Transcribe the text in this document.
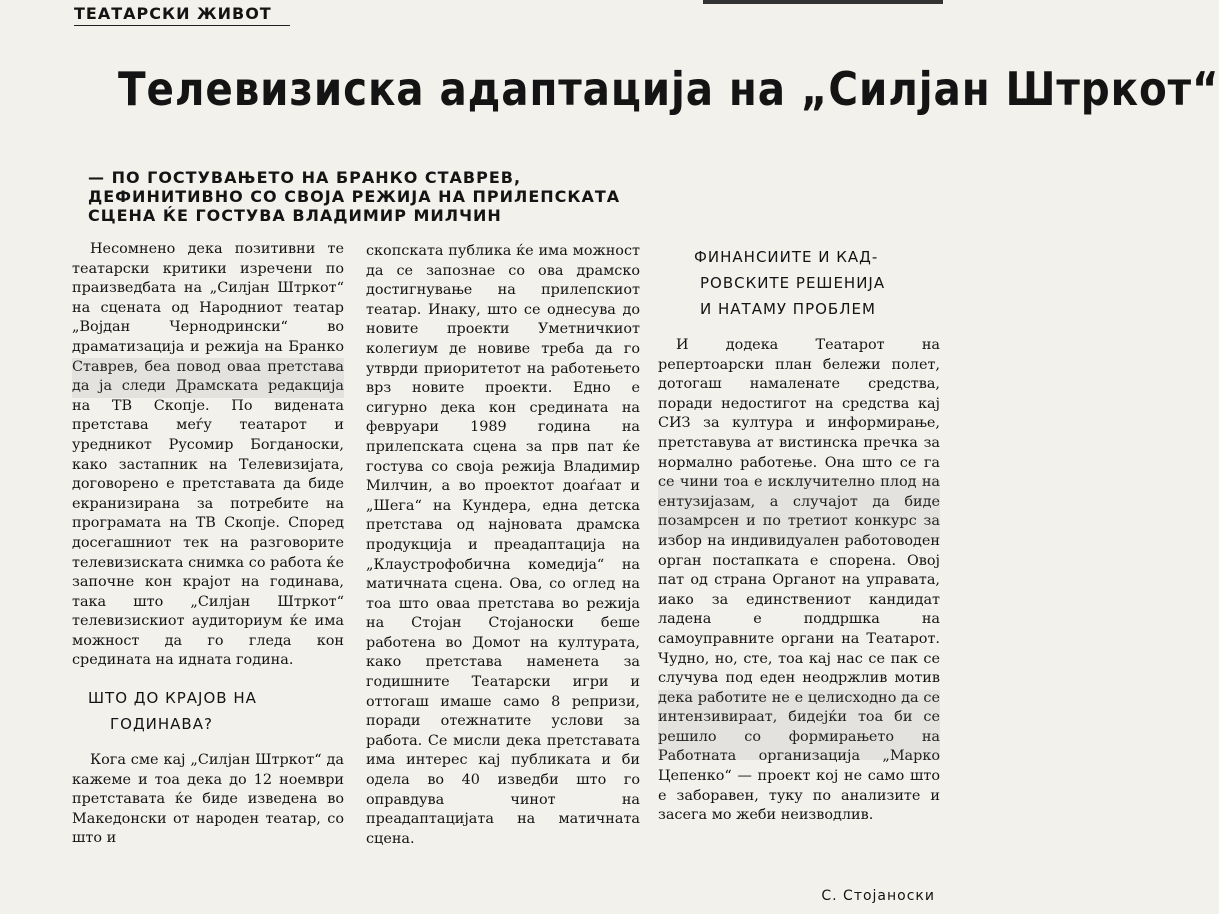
ТЕАТАРСКИ ЖИВОТ
Телевизиска адаптација на „Силјан Штркот“
— ПО ГОСТУВАЊЕТО НА БРАНКО СТАВРЕВ, ДЕФИНИТИВНО СО СВОЈА РЕЖИЈА НА ПРИЛЕПСКАТА СЦЕНА ЌЕ ГОСТУВА ВЛАДИМИР МИЛЧИН

Несомнено дека позитивни те театарски критики изречени по праизведбата на „Силјан Штркот“ на сцената од Народниот театар „Војдан Чернодрински“ во драматизација и режија на Бранко Ставрев, беа повод оваа претстава да ја следи Драмската редакција на ТВ Скопје. По видената претстава меѓу театарот и уредникот Русомир Богданоски, како застапник на Телевизијата, договорено е претставата да биде екранизирана за потребите на програмата на ТВ Скопје. Според досегашниот тек на разговорите телевизиската снимка со работа ќе започне кон крајот на годинава, така што „Силјан Штркот“ телевизискиот аудиториум ќе има можност да го гледа кон средината на идната година.

ШТО ДО КРАЈОВ НА
ГОДИНАВА?

Кога сме кај „Силјан Штркот“ да кажеме и тоа дека до 12 ноември претставата ќе биде изведена во Македонски от народен театар, со што и

скопската публика ќе има можност да се запознае со ова драмско достигнување на прилепскиот театар. Инаку, што се однесува до новите проекти Уметничкиот колегиум де новиве треба да го утврди приоритетот на работењето врз новите проекти. Едно е сигурно дека кон средината на февруари 1989 година на прилепската сцена за прв пат ќе гостува со своја режија Владимир Милчин, а во проектот доаѓаат и „Шега“ на Кундера, една детска претстава од најновата драмска продукција и преадаптација на „Клаустрофобична комедија“ на матичната сцена. Ова, со оглед на тоа што оваа претстава во режија на Стојан Стојаноски беше работена во Домот на културата, како претстава наменета за годишните Театарски игри и оттогаш имаше само 8 репризи, поради отежнатите услови за работа. Се мисли дека претставата има интерес кај публиката и би одела во 40 изведби што го оправдува чинот на преадаптацијата на матичната сцена.

ФИНАНСИИТЕ И КАД-
РОВСКИТЕ РЕШЕНИЈА
И НАТАМУ ПРОБЛЕМ

И додека Театарот на репертоарски план бележи полет, дотогаш намаленате средства, поради недостигот на средства кај СИЗ за култура и информирање, претставува ат вистинска пречка за нормално работење. Она што се га се чини тоа е исклучително плод на ентузијазам, а случајот да биде позамрсен и по третиот конкурс за избор на индивидуален работоводен орган постапката е спорена. Овој пат од страна Органот на управата, иако за единствениот кандидат ладена е поддршка на самоуправните органи на Театарот. Чудно, но, сте, тоа кај нас се пак се случува под еден неодржлив мотив дека работите не е целисходно да се интензивираат, бидејќи тоа би се решило со формирањето на Работната организација „Марко Цепенко“ — проект кој не само што е заборавен, туку по анализите и засега мо жеби неизводлив.

С. Стојаноски
